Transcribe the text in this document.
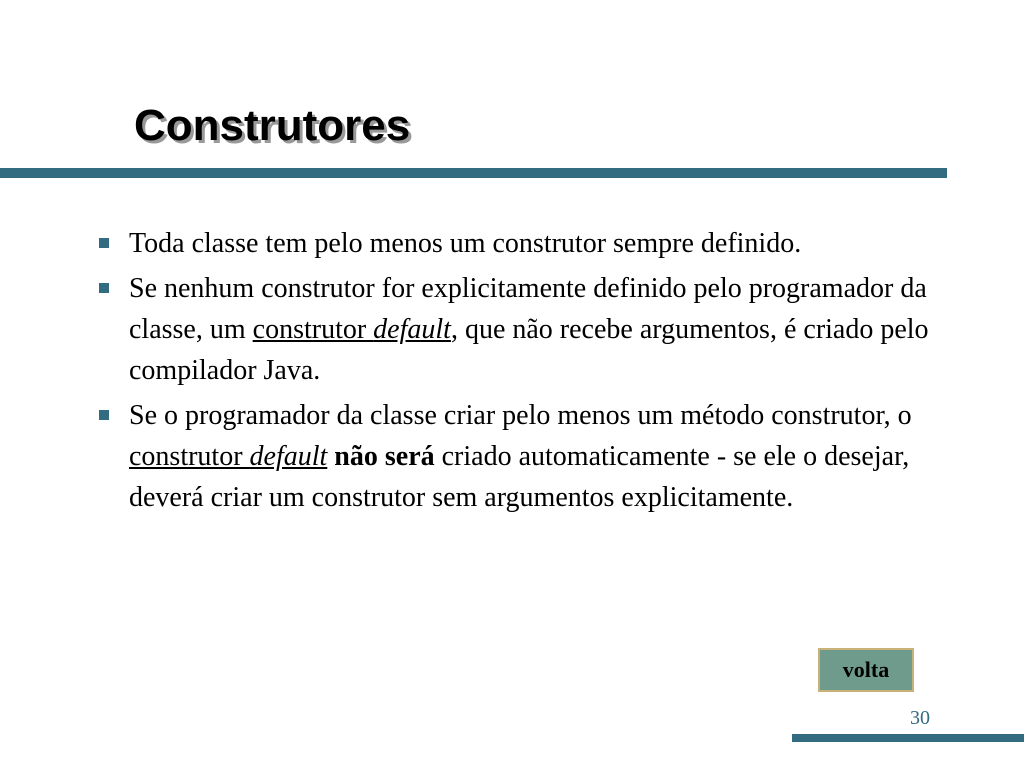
Construtores
Toda classe tem pelo menos um construtor sempre definido.
Se nenhum construtor for explicitamente definido pelo programador da classe, um construtor default, que não recebe argumentos, é criado pelo compilador Java.
Se o programador da classe criar pelo menos um método construtor, o construtor default não será criado automaticamente - se ele o desejar, deverá criar um construtor sem argumentos explicitamente.
volta
30
